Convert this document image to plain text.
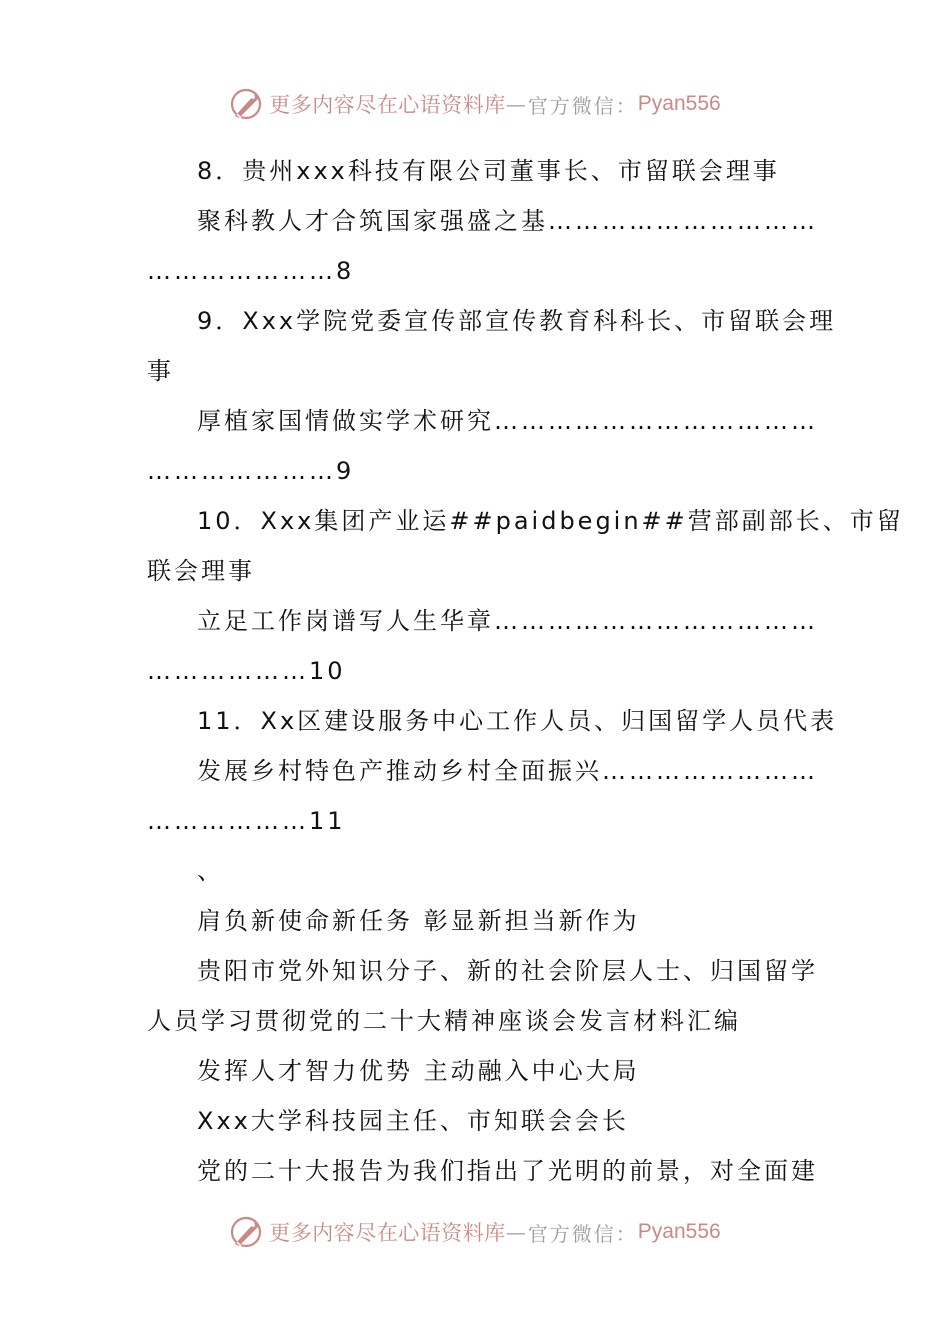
更多内容尽在心语资料库 — 官方微信： Pyan556
8．贵州xxx科技有限公司董事长、市留联会理事
聚科教人才合筑国家强盛之基…………………………
…………………8
9．Xxx学院党委宣传部宣传教育科科长、市留联会理
事
厚植家国情做实学术研究………………………………
…………………9
10．Xxx集团产业运##paidbegin##营部副部长、市留
联会理事
立足工作岗谱写人生华章………………………………
………………10
11．Xx区建设服务中心工作人员、归国留学人员代表
发展乡村特色产推动乡村全面振兴……………………
………………11
、
肩负新使命新任务 彰显新担当新作为
贵阳市党外知识分子、新的社会阶层人士、归国留学
人员学习贯彻党的二十大精神座谈会发言材料汇编
发挥人才智力优势 主动融入中心大局
Xxx大学科技园主任、市知联会会长
党的二十大报告为我们指出了光明的前景，对全面建
更多内容尽在心语资料库 — 官方微信： Pyan556
